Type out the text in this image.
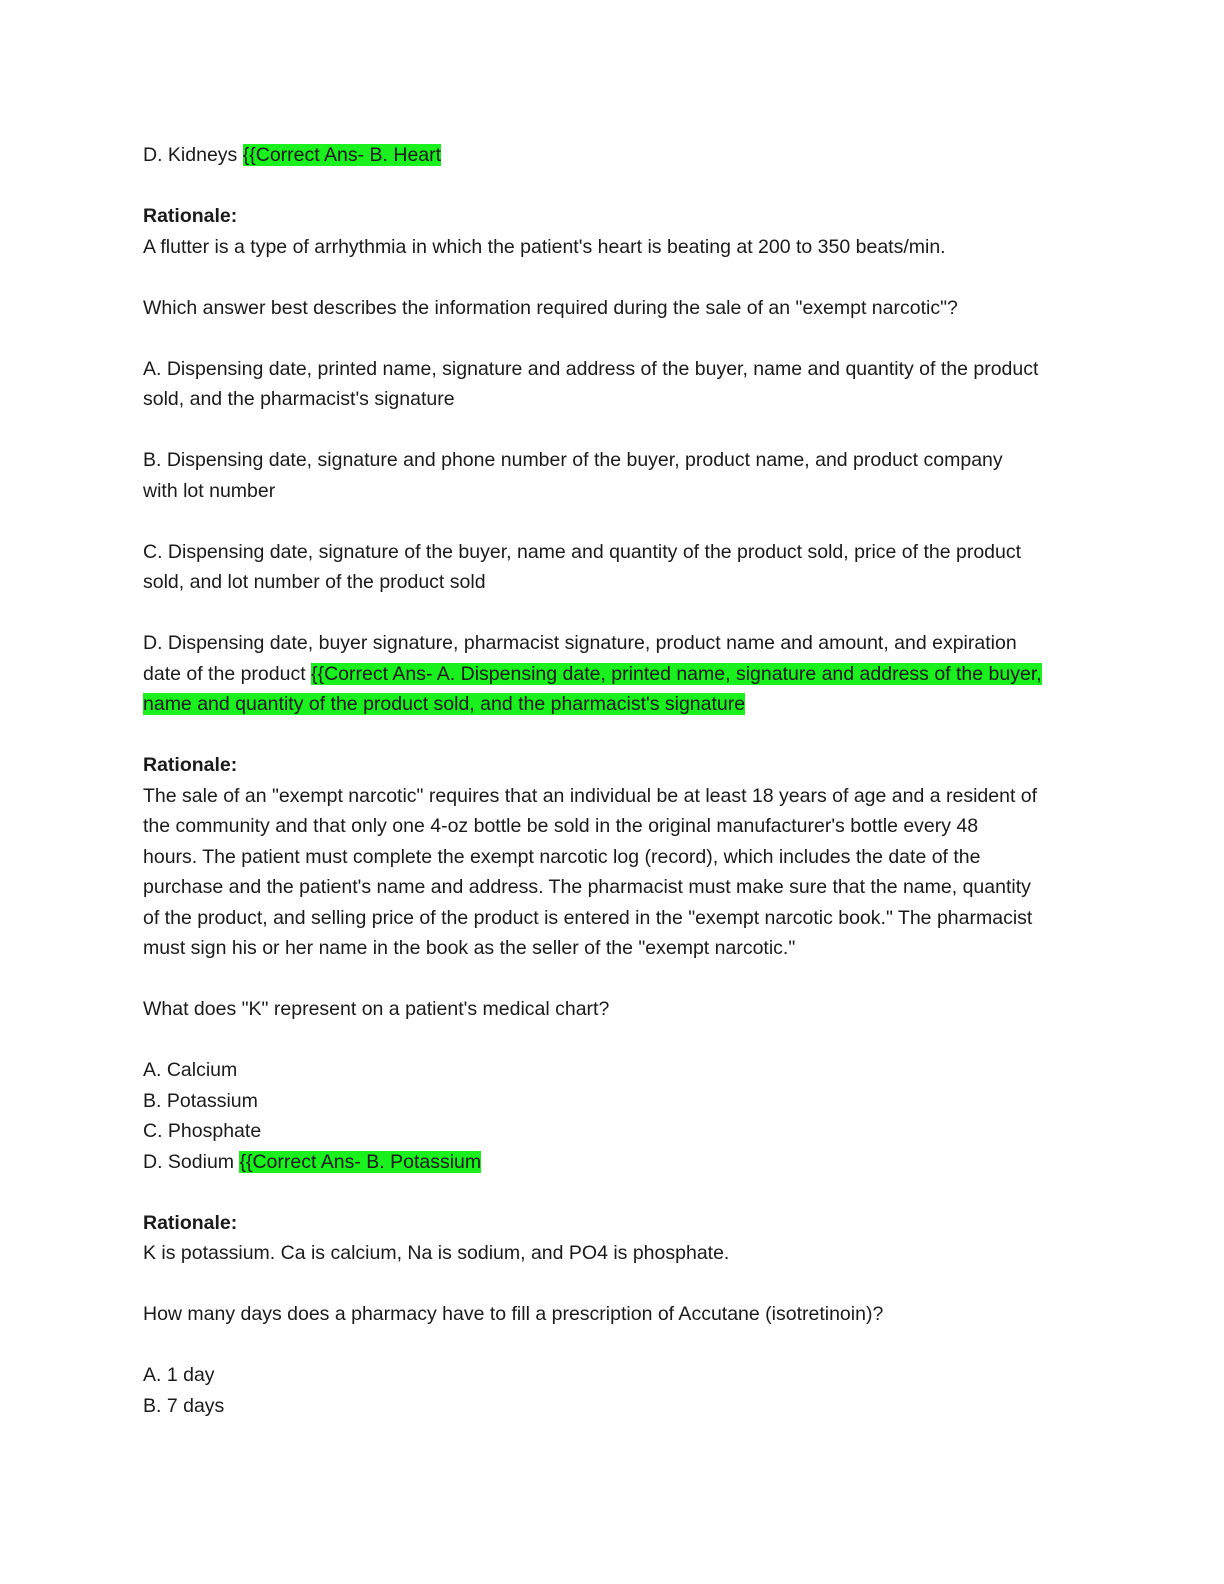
D. Kidneys {{Correct Ans- B. Heart
Rationale:
A flutter is a type of arrhythmia in which the patient's heart is beating at 200 to 350 beats/min.
Which answer best describes the information required during the sale of an "exempt narcotic"?
A. Dispensing date, printed name, signature and address of the buyer, name and quantity of the product
sold, and the pharmacist's signature
B. Dispensing date, signature and phone number of the buyer, product name, and product company
with lot number
C. Dispensing date, signature of the buyer, name and quantity of the product sold, price of the product
sold, and lot number of the product sold
D. Dispensing date, buyer signature, pharmacist signature, product name and amount, and expiration
date of the product {{Correct Ans- A. Dispensing date, printed name, signature and address of the buyer,
name and quantity of the product sold, and the pharmacist's signature
Rationale:
The sale of an "exempt narcotic" requires that an individual be at least 18 years of age and a resident of
the community and that only one 4-oz bottle be sold in the original manufacturer's bottle every 48
hours. The patient must complete the exempt narcotic log (record), which includes the date of the
purchase and the patient's name and address. The pharmacist must make sure that the name, quantity
of the product, and selling price of the product is entered in the "exempt narcotic book." The pharmacist
must sign his or her name in the book as the seller of the "exempt narcotic."
What does "K" represent on a patient's medical chart?
A. Calcium
B. Potassium
C. Phosphate
D. Sodium {{Correct Ans- B. Potassium
Rationale:
K is potassium. Ca is calcium, Na is sodium, and PO4 is phosphate.
How many days does a pharmacy have to fill a prescription of Accutane (isotretinoin)?
A. 1 day
B. 7 days
